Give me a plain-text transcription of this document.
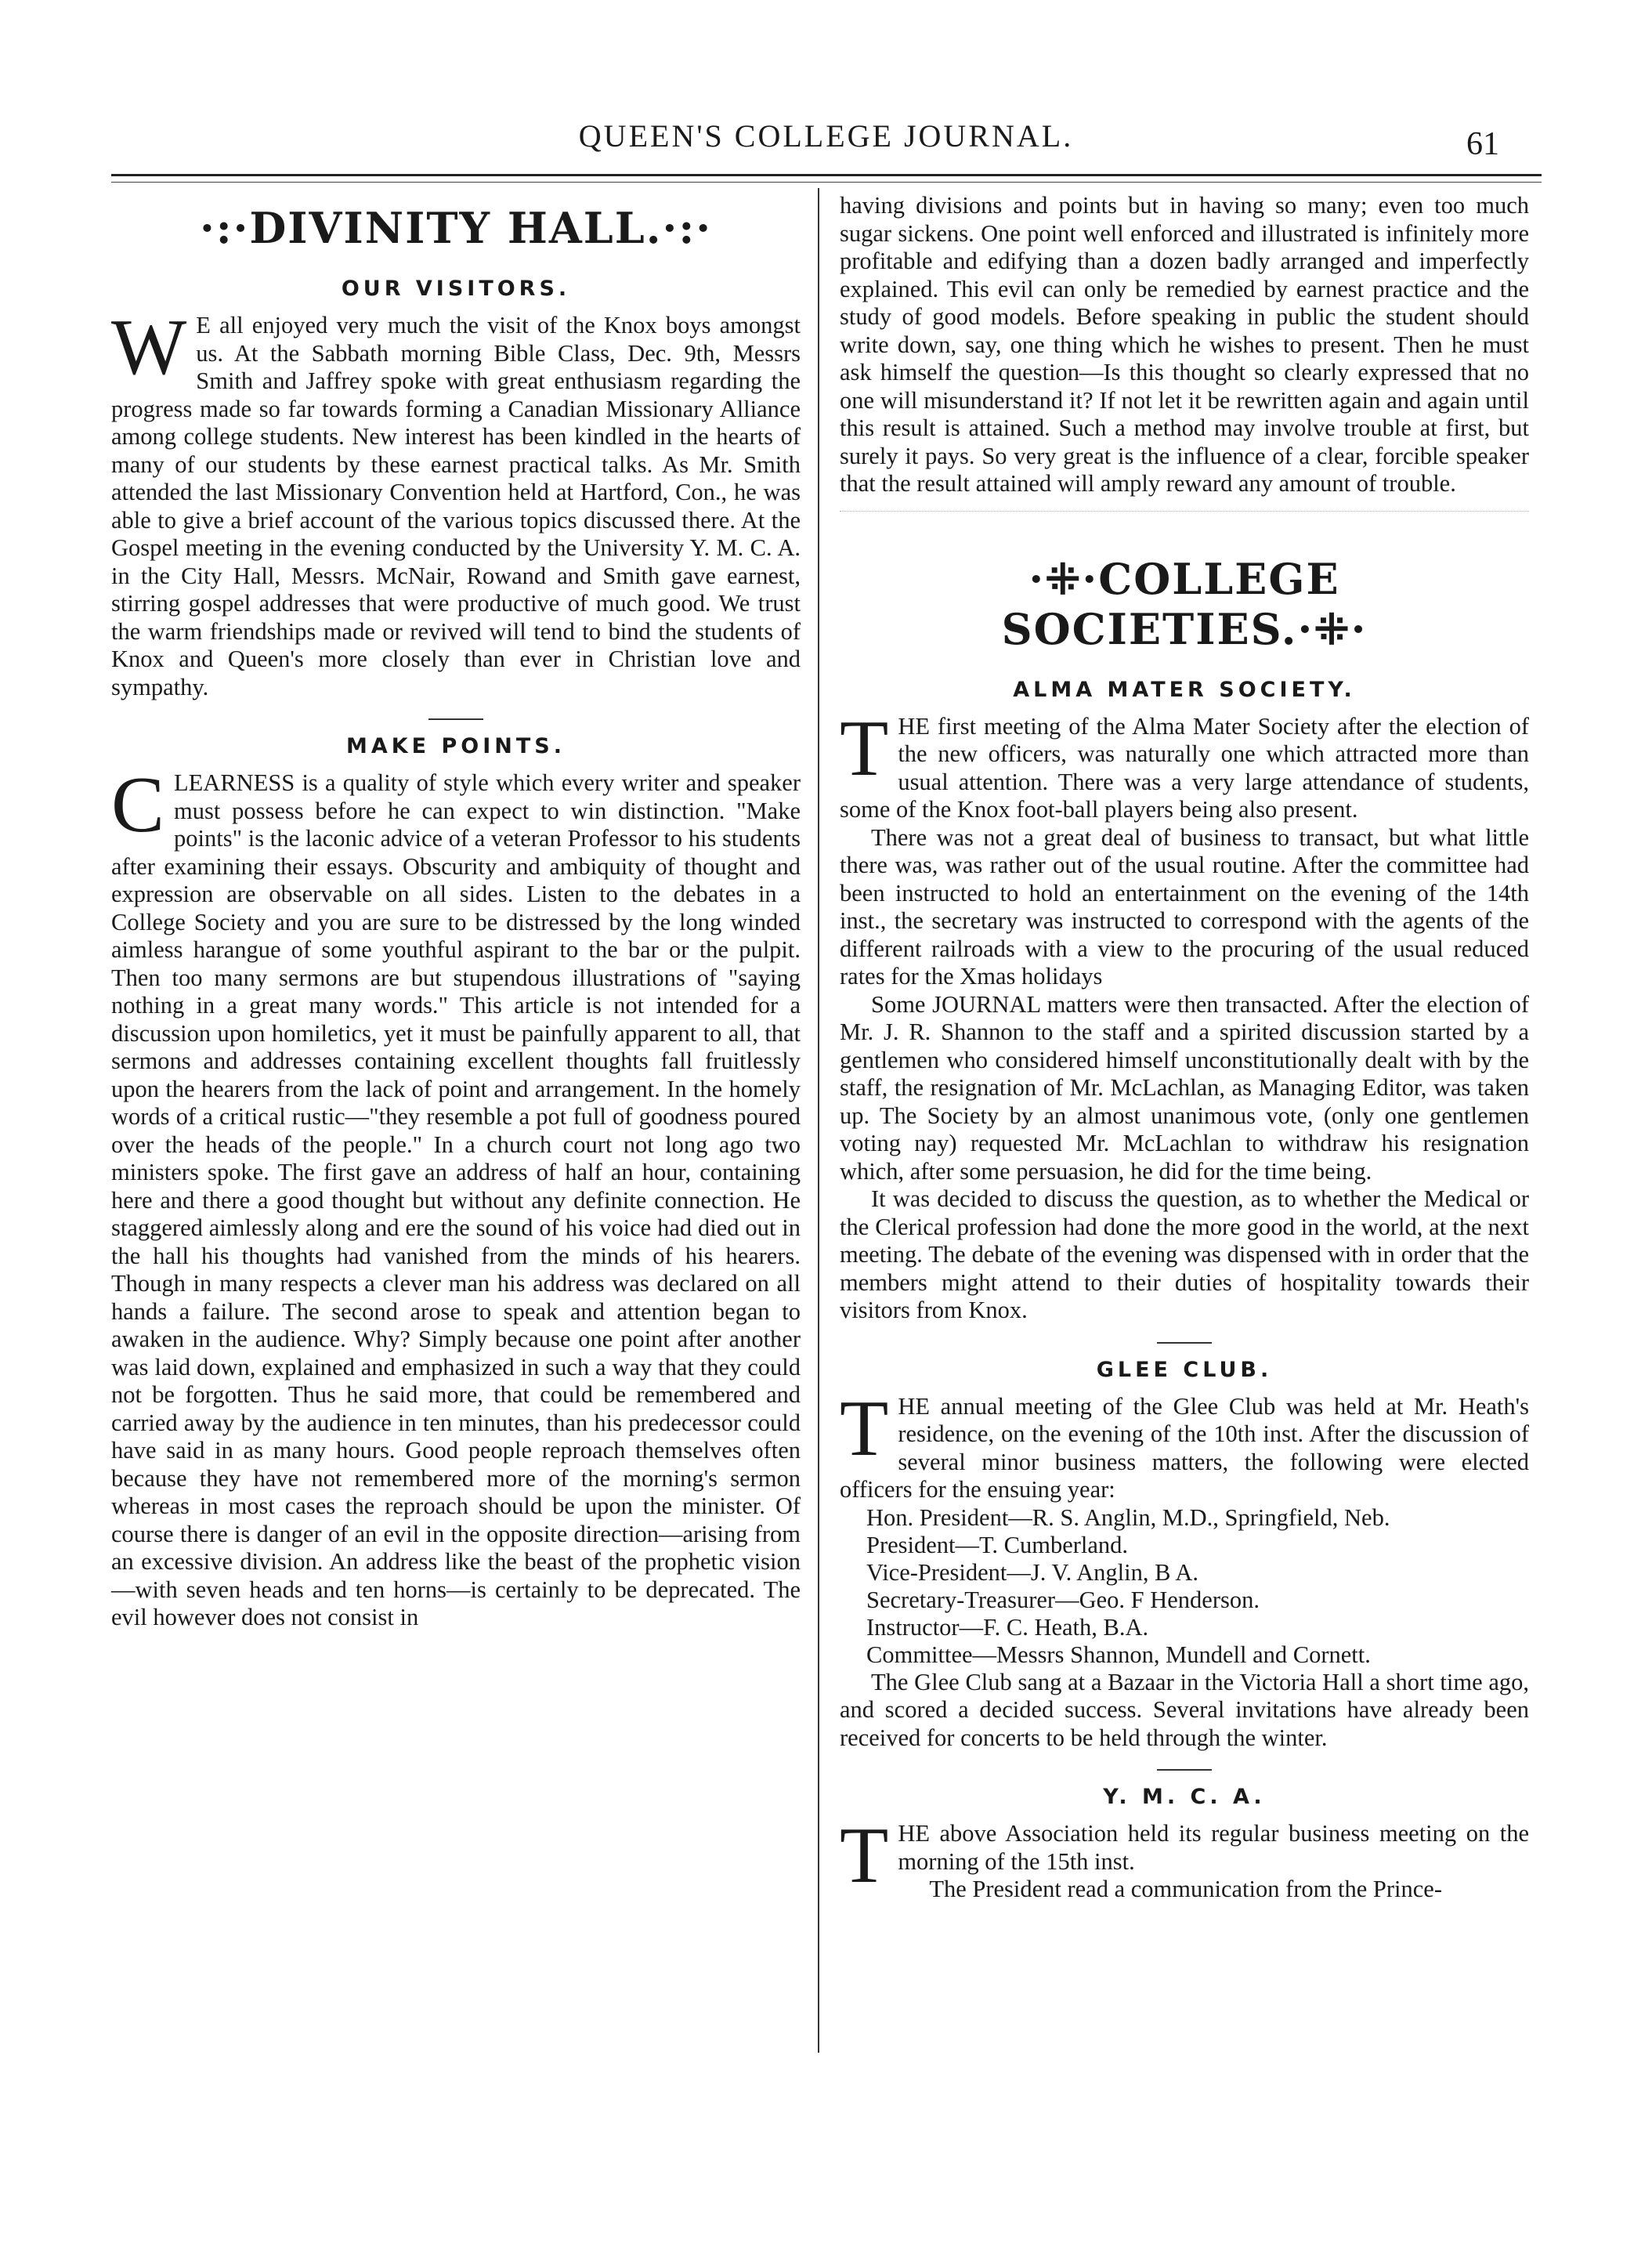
QUEEN'S COLLEGE JOURNAL.	61
·:·DIVINITY HALL.·:·
OUR VISITORS.

W E all enjoyed very much the visit of the Knox boys amongst us. At the Sabbath morning Bible Class, Dec. 9th, Messrs Smith and Jaffrey spoke with great enthusiasm regarding the progress made so far towards forming a Canadian Missionary Alliance among college students. New interest has been kindled in the hearts of many of our students by these earnest practical talks. As Mr. Smith attended the last Missionary Convention held at Hartford, Con., he was able to give a brief account of the various topics discussed there. At the Gospel meeting in the evening conducted by the University Y. M. C. A. in the City Hall, Messrs. McNair, Rowand and Smith gave earnest, stirring gospel addresses that were productive of much good. We trust the warm friendships made or revived will tend to bind the students of Knox and Queen's more closely than ever in Christian love and sympathy.

MAKE POINTS.

CLEARNESS is a quality of style which every writer and speaker must possess before he can expect to win distinction. "Make points" is the laconic advice of a veteran Professor to his students after examining their essays. Obscurity and ambiquity of thought and expression are observable on all sides. Listen to the debates in a College Society and you are sure to be distressed by the long winded aimless harangue of some youthful aspirant to the bar or the pulpit. Then too many sermons are but stupendous illustrations of "saying nothing in a great many words." This article is not intended for a discussion upon homiletics, yet it must be painfully apparent to all, that sermons and addresses containing excellent thoughts fall fruitlessly upon the hearers from the lack of point and arrangement. In the homely words of a critical rustic—"they resemble a pot full of goodness poured over the heads of the people." In a church court not long ago two ministers spoke. The first gave an address of half an hour, containing here and there a good thought but without any definite connection. He staggered aimlessly along and ere the sound of his voice had died out in the hall his thoughts had vanished from the minds of his hearers. Though in many respects a clever man his address was declared on all hands a failure. The second arose to speak and attention began to awaken in the audience. Why? Simply because one point after another was laid down, explained and emphasized in such a way that they could not be forgotten. Thus he said more, that could be remembered and carried away by the audience in ten minutes, than his predecessor could have said in as many hours. Good people reproach themselves often because they have not remembered more of the morning's sermon whereas in most cases the reproach should be upon the minister. Of course there is danger of an evil in the opposite direction—arising from an excessive division. An address like the beast of the prophetic vision—with seven heads and ten horns—is certainly to be deprecated. The evil however does not consist in

having divisions and points but in having so many; even too much sugar sickens. One point well enforced and illustrated is infinitely more profitable and edifying than a dozen badly arranged and imperfectly explained. This evil can only be remedied by earnest practice and the study of good models. Before speaking in public the student should write down, say, one thing which he wishes to present. Then he must ask himself the question—Is this thought so clearly expressed that no one will misunderstand it? If not let it be rewritten again and again until this result is attained. Such a method may involve trouble at first, but surely it pays. So very great is the influence of a clear, forcible speaker that the result attained will amply reward any amount of trouble.

·⁜·COLLEGE SOCIETIES.·⁜·
ALMA MATER SOCIETY.

THE first meeting of the Alma Mater Society after the election of the new officers, was naturally one which attracted more than usual attention. There was a very large attendance of students, some of the Knox foot-ball players being also present.

There was not a great deal of business to transact, but what little there was, was rather out of the usual routine. After the committee had been instructed to hold an entertainment on the evening of the 14th inst., the secretary was instructed to correspond with the agents of the different railroads with a view to the procuring of the usual reduced rates for the Xmas holidays

Some JOURNAL matters were then transacted. After the election of Mr. J. R. Shannon to the staff and a spirited discussion started by a gentlemen who considered himself unconstitutionally dealt with by the staff, the resignation of Mr. McLachlan, as Managing Editor, was taken up. The Society by an almost unanimous vote, (only one gentlemen voting nay) requested Mr. McLachlan to withdraw his resignation which, after some persuasion, he did for the time being.

It was decided to discuss the question, as to whether the Medical or the Clerical profession had done the more good in the world, at the next meeting. The debate of the evening was dispensed with in order that the members might attend to their duties of hospitality towards their visitors from Knox.

GLEE CLUB.

THE annual meeting of the Glee Club was held at Mr. Heath's residence, on the evening of the 10th inst. After the discussion of several minor business matters, the following were elected officers for the ensuing year:

Hon. President—R. S. Anglin, M.D., Springfield, Neb.
President—T. Cumberland.
Vice-President—J. V. Anglin, B A.
Secretary-Treasurer—Geo. F Henderson.
Instructor—F. C. Heath, B.A.
Committee—Messrs Shannon, Mundell and Cornett.

The Glee Club sang at a Bazaar in the Victoria Hall a short time ago, and scored a decided success. Several invitations have already been received for concerts to be held through the winter.

Y. M. C. A.

THE above Association held its regular business meeting on the morning of the 15th inst.

The President read a communication from the Prince-
